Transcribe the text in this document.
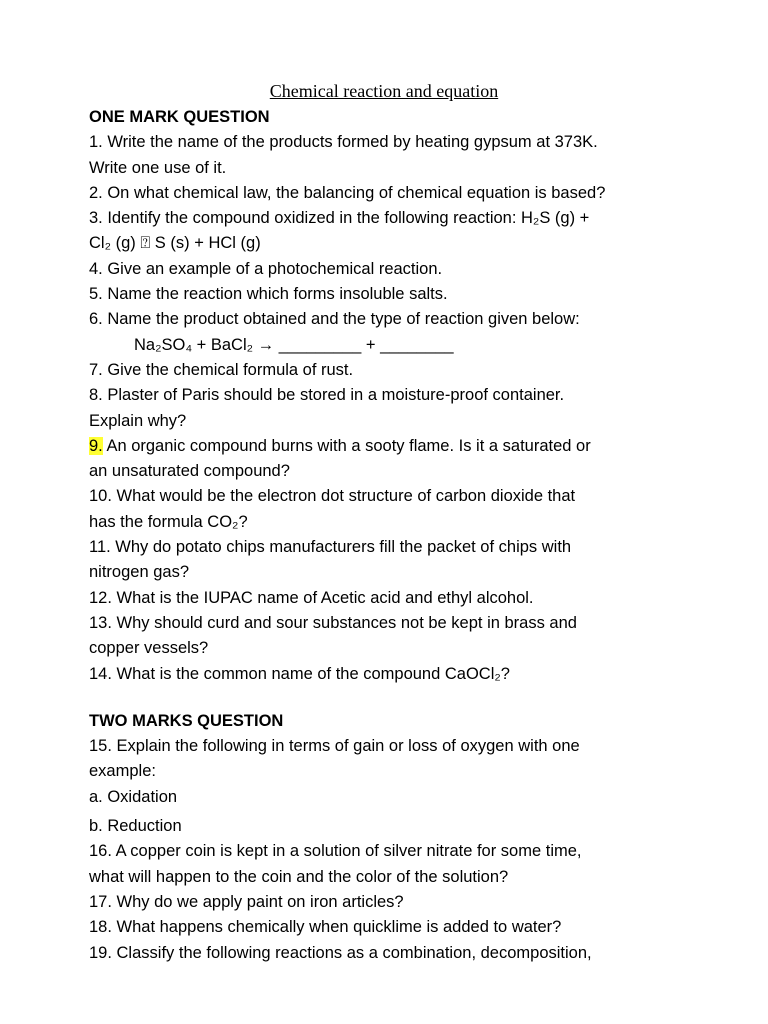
Chemical reaction and equation
ONE MARK QUESTION
1. Write the name of the products formed by heating gypsum at 373K.
Write one use of it.
2. On what chemical law, the balancing of chemical equation is based?
3. Identify the compound oxidized in the following reaction: H₂S (g) +
Cl₂ (g) ⍰ S (s) + HCl (g)
4. Give an example of a photochemical reaction.
5. Name the reaction which forms insoluble salts.
6. Name the product obtained and the type of reaction given below:
Na₂SO₄ + BaCl₂ → _________ + ________
7. Give the chemical formula of rust.
8. Plaster of Paris should be stored in a moisture-proof container.
Explain why?
9. An organic compound burns with a sooty flame. Is it a saturated or
an unsaturated compound?
10. What would be the electron dot structure of carbon dioxide that
has the formula CO₂?
11. Why do potato chips manufacturers fill the packet of chips with
nitrogen gas?
12. What is the IUPAC name of Acetic acid and ethyl alcohol.
13. Why should curd and sour substances not be kept in brass and
copper vessels?
14. What is the common name of the compound CaOCl₂?
TWO MARKS QUESTION
15. Explain the following in terms of gain or loss of oxygen with one
example:
a. Oxidation
b. Reduction
16. A copper coin is kept in a solution of silver nitrate for some time,
what will happen to the coin and the color of the solution?
17. Why do we apply paint on iron articles?
18. What happens chemically when quicklime is added to water?
19. Classify the following reactions as a combination, decomposition,
